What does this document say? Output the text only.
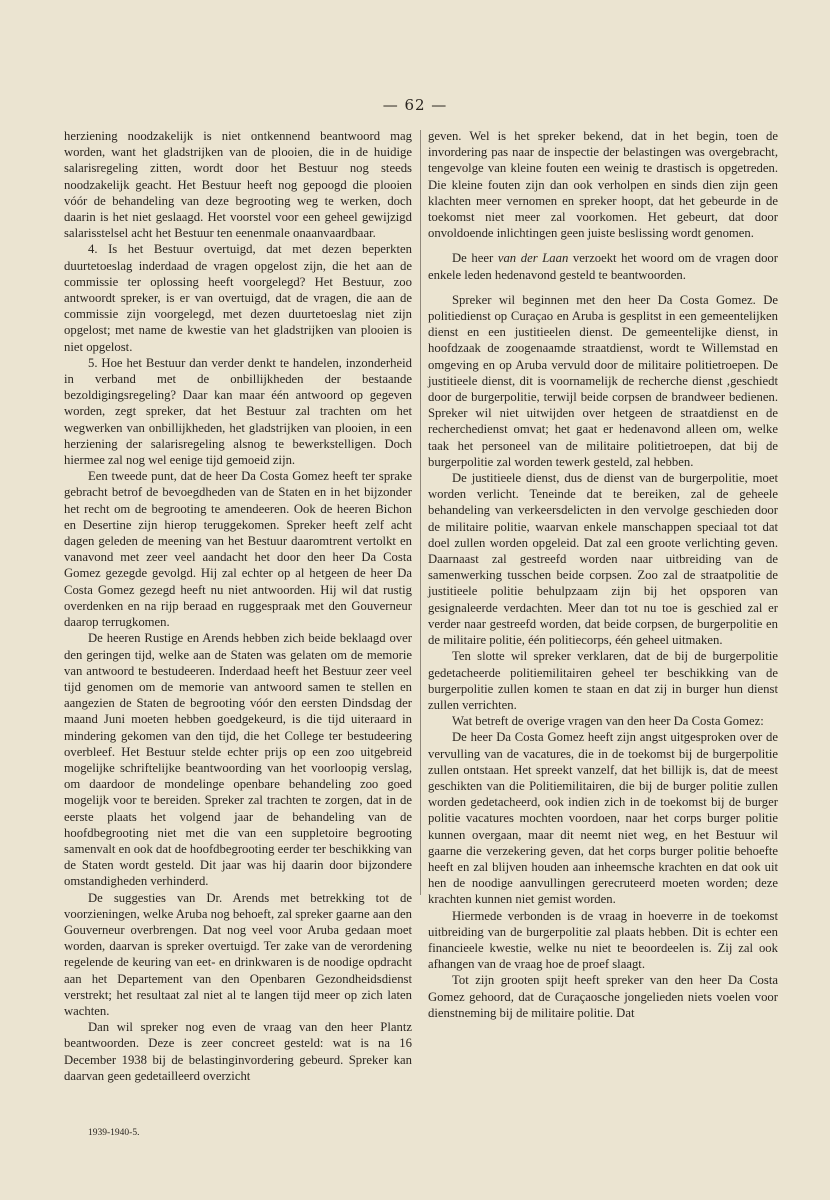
— 62 —

herziening noodzakelijk is niet ontkennend beantwoord mag worden, want het gladstrijken van de plooien, die in de huidige salarisregeling zitten, wordt door het Bestuur nog steeds noodzakelijk geacht. Het Bestuur heeft nog gepoogd die plooien vóór de behandeling van deze begrooting weg te werken, doch daarin is het niet geslaagd. Het voorstel voor een geheel gewijzigd salarisstelsel acht het Bestuur ten eenenmale onaanvaardbaar.

4. Is het Bestuur overtuigd, dat met dezen beperkten duurtetoeslag inderdaad de vragen opgelost zijn, die het aan de commissie ter oplossing heeft voorgelegd? Het Bestuur, zoo antwoordt spreker, is er van overtuigd, dat de vragen, die aan de commissie zijn voorgelegd, met dezen duurtetoeslag niet zijn opgelost; met name de kwestie van het gladstrijken van plooien is niet opgelost.

5. Hoe het Bestuur dan verder denkt te handelen, inzonderheid in verband met de onbillijkheden der bestaande bezoldigingsregeling? Daar kan maar één antwoord op gegeven worden, zegt spreker, dat het Bestuur zal trachten om het wegwerken van onbillijkheden, het gladstrijken van plooien, in een herziening der salarisregeling alsnog te bewerkstelligen. Doch hiermee zal nog wel eenige tijd gemoeid zijn.

Een tweede punt, dat de heer Da Costa Gomez heeft ter sprake gebracht betrof de bevoegdheden van de Staten en in het bijzonder het recht om de begrooting te amendeeren. Ook de heeren Bichon en Desertine zijn hierop teruggekomen. Spreker heeft zelf acht dagen geleden de meening van het Bestuur daaromtrent vertolkt en vanavond met zeer veel aandacht het door den heer Da Costa Gomez gezegde gevolgd. Hij zal echter op al hetgeen de heer Da Costa Gomez gezegd heeft nu niet antwoorden. Hij wil dat rustig overdenken en na rijp beraad en ruggespraak met den Gouverneur daarop terrugkomen.

De heeren Rustige en Arends hebben zich beide beklaagd over den geringen tijd, welke aan de Staten was gelaten om de memorie van antwoord te bestudeeren. Inderdaad heeft het Bestuur zeer veel tijd genomen om de memorie van antwoord samen te stellen en aangezien de Staten de begrooting vóór den eersten Dindsdag der maand Juni moeten hebben goedgekeurd, is die tijd uiteraard in mindering gekomen van den tijd, die het College ter bestudeering overbleef. Het Bestuur stelde echter prijs op een zoo uitgebreid mogelijke schriftelijke beantwoording van het voorloopig verslag, om daardoor de mondelinge openbare behandeling zoo goed mogelijk voor te bereiden. Spreker zal trachten te zorgen, dat in de eerste plaats het volgend jaar de behandeling van de hoofdbegrooting niet met die van een suppletoire begrooting samenvalt en ook dat de hoofdbegrooting eerder ter beschikking van de Staten wordt gesteld. Dit jaar was hij daarin door bijzondere omstandigheden verhinderd.

De suggesties van Dr. Arends met betrekking tot de voorzieningen, welke Aruba nog behoeft, zal spreker gaarne aan den Gouverneur overbrengen. Dat nog veel voor Aruba gedaan moet worden, daarvan is spreker overtuigd. Ter zake van de verordening regelende de keuring van eet- en drinkwaren is de noodige opdracht aan het Departement van den Openbaren Gezondheidsdienst verstrekt; het resultaat zal niet al te langen tijd meer op zich laten wachten.

Dan wil spreker nog even de vraag van den heer Plantz beantwoorden. Deze is zeer concreet gesteld: wat is na 16 December 1938 bij de belastinginvordering gebeurd. Spreker kan daarvan geen gedetailleerd overzicht

geven. Wel is het spreker bekend, dat in het begin, toen de invordering pas naar de inspectie der belastingen was overgebracht, tengevolge van kleine fouten een weinig te drastisch is opgetreden. Die kleine fouten zijn dan ook verholpen en sinds dien zijn geen klachten meer vernomen en spreker hoopt, dat het gebeurde in de toekomst niet meer zal voorkomen. Het gebeurt, dat door onvoldoende inlichtingen geen juiste beslissing wordt genomen.

De heer van der Laan verzoekt het woord om de vragen door enkele leden hedenavond gesteld te beantwoorden.

Spreker wil beginnen met den heer Da Costa Gomez. De politiedienst op Curaçao en Aruba is gesplitst in een gemeentelijken dienst en een justitieelen dienst. De gemeentelijke dienst, in hoofdzaak de zoogenaamde straatdienst, wordt te Willemstad en omgeving en op Aruba vervuld door de militaire politietroepen. De justitieele dienst, dit is voornamelijk de recherche dienst ,geschiedt door de burgerpolitie, terwijl beide corpsen de brandweer bedienen. Spreker wil niet uitwijden over hetgeen de straatdienst en de recherchedienst omvat; het gaat er hedenavond alleen om, welke taak het personeel van de militaire politietroepen, dat bij de burgerpolitie zal worden tewerk gesteld, zal hebben.

De justitieele dienst, dus de dienst van de burgerpolitie, moet worden verlicht. Teneinde dat te bereiken, zal de geheele behandeling van verkeersdelicten in den vervolge geschieden door de militaire politie, waarvan enkele manschappen speciaal tot dat doel zullen worden opgeleid. Dat zal een groote verlichting geven. Daarnaast zal gestreefd worden naar uitbreiding van de samenwerking tusschen beide corpsen. Zoo zal de straatpolitie de justitieele politie behulpzaam zijn bij het opsporen van gesignaleerde verdachten. Meer dan tot nu toe is geschied zal er verder naar gestreefd worden, dat beide corpsen, de burgerpolitie en de militaire politie, één politiecorps, één geheel uitmaken.

Ten slotte wil spreker verklaren, dat de bij de burgerpolitie gedetacheerde politiemilitairen geheel ter beschikking van de burgerpolitie zullen komen te staan en dat zij in burger hun dienst zullen verrichten.

Wat betreft de overige vragen van den heer Da Costa Gomez:

De heer Da Costa Gomez heeft zijn angst uitgesproken over de vervulling van de vacatures, die in de toekomst bij de burgerpolitie zullen ontstaan. Het spreekt vanzelf, dat het billijk is, dat de meest geschikten van die Politiemilitairen, die bij de burger politie zullen worden gedetacheerd, ook indien zich in de toekomst bij de burger politie vacatures mochten voordoen, naar het corps burger politie kunnen overgaan, maar dit neemt niet weg, en het Bestuur wil gaarne die verzekering geven, dat het corps burger politie behoefte heeft en zal blijven houden aan inheemsche krachten en dat ook uit hen de noodige aanvullingen gerecruteerd moeten worden; deze krachten kunnen niet gemist worden.

Hiermede verbonden is de vraag in hoeverre in de toekomst uitbreiding van de burgerpolitie zal plaats hebben. Dit is echter een financieele kwestie, welke nu niet te beoordeelen is. Zij zal ook afhangen van de vraag hoe de proef slaagt.

Tot zijn grooten spijt heeft spreker van den heer Da Costa Gomez gehoord, dat de Curaçaosche jongelieden niets voelen voor dienstneming bij de militaire politie. Dat

1939-1940-5.
